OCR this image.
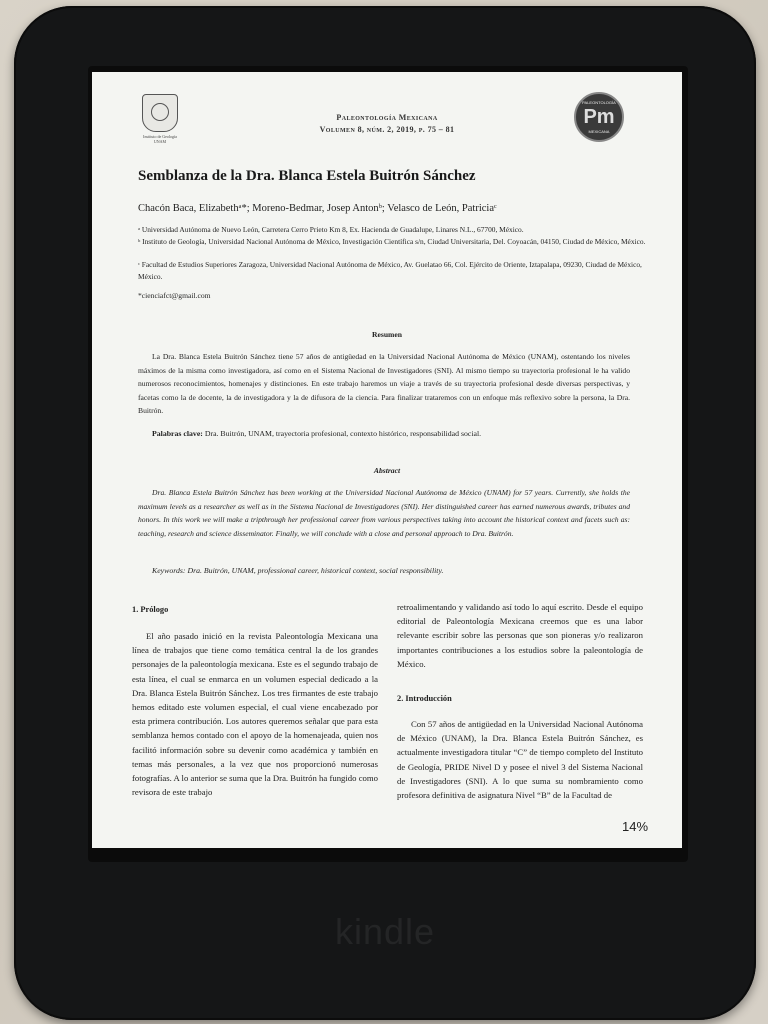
kindle
Instituto de Geología
UNAM
Paleontología Mexicana
Volumen 8, núm. 2, 2019, p. 75 – 81
PALEONTOLOGÍA
Pm
MEXICANA
Semblanza de la Dra. Blanca Estela Buitrón Sánchez
Chacón Baca, Elizabethᵃ*; Moreno-Bedmar, Josep Antonᵇ; Velasco de León, Patriciaᶜ
ᵃ Universidad Autónoma de Nuevo León, Carretera Cerro Prieto Km 8, Ex. Hacienda de Guadalupe, Linares N.L., 67700, México.
ᵇ Instituto de Geología, Universidad Nacional Autónoma de México, Investigación Científica s/n, Ciudad Universitaria, Del. Coyoacán, 04150, Ciudad de México, México.
ᶜ Facultad de Estudios Superiores Zaragoza, Universidad Nacional Autónoma de México, Av. Guelatao 66, Col. Ejército de Oriente, Iztapalapa, 09230, Ciudad de México, México.
*cienciafct@gmail.com
Resumen
La Dra. Blanca Estela Buitrón Sánchez tiene 57 años de antigüedad en la Universidad Nacional Autónoma de México (UNAM), ostentando los niveles máximos de la misma como investigadora, así como en el Sistema Nacional de Investigadores (SNI). Al mismo tiempo su trayectoria profesional le ha valido numerosos reconocimientos, homenajes y distinciones. En este trabajo haremos un viaje a través de su trayectoria profesional desde diversas perspectivas, y facetas como la de docente, la de investigadora y la de difusora de la ciencia. Para finalizar trataremos con un enfoque más reflexivo sobre la persona, la Dra. Buitrón.
Palabras clave: Dra. Buitrón, UNAM, trayectoria profesional, contexto histórico, responsabilidad social.
Abstract
Dra. Blanca Estela Buitrón Sánchez has been working at the Universidad Nacional Autónoma de México (UNAM) for 57 years. Currently, she holds the maximum levels as a researcher as well as in the Sistema Nacional de Investigadores (SNI). Her distinguished career has earned numerous awards, tributes and honors. In this work we will make a tripthrough her professional career from various perspectives taking into account the historical context and facets such as: teaching, research and science disseminator. Finally, we will conclude with a close and personal approach to Dra. Buitrón.
Keywords: Dra. Buitrón, UNAM, professional career, historical context, social responsibility.
1. Prólogo
El año pasado inició en la revista Paleontología Mexicana una línea de trabajos que tiene como temática central la de los grandes personajes de la paleontología mexicana. Este es el segundo trabajo de esta línea, el cual se enmarca en un volumen especial dedicado a la Dra. Blanca Estela Buitrón Sánchez. Los tres firmantes de este trabajo hemos editado este volumen especial, el cual viene encabezado por esta primera contribución. Los autores queremos señalar que para esta semblanza hemos contado con el apoyo de la homenajeada, quien nos facilitó información sobre su devenir como académica y también en temas más personales, a la vez que nos proporcionó numerosas fotografías. A lo anterior se suma que la Dra. Buitrón ha fungido como revisora de este trabajo
retroalimentando y validando así todo lo aquí escrito. Desde el equipo editorial de Paleontología Mexicana creemos que es una labor relevante escribir sobre las personas que son pioneras y/o realizaron importantes contribuciones a los estudios sobre la paleontología de México.
2. Introducción
Con 57 años de antigüedad en la Universidad Nacional Autónoma de México (UNAM), la Dra. Blanca Estela Buitrón Sánchez, es actualmente investigadora titular “C” de tiempo completo del Instituto de Geología, PRIDE Nivel D y posee el nivel 3 del Sistema Nacional de Investigadores (SNI). A lo que suma su nombramiento como profesora definitiva de asignatura Nivel “B” de la Facultad de
14%
